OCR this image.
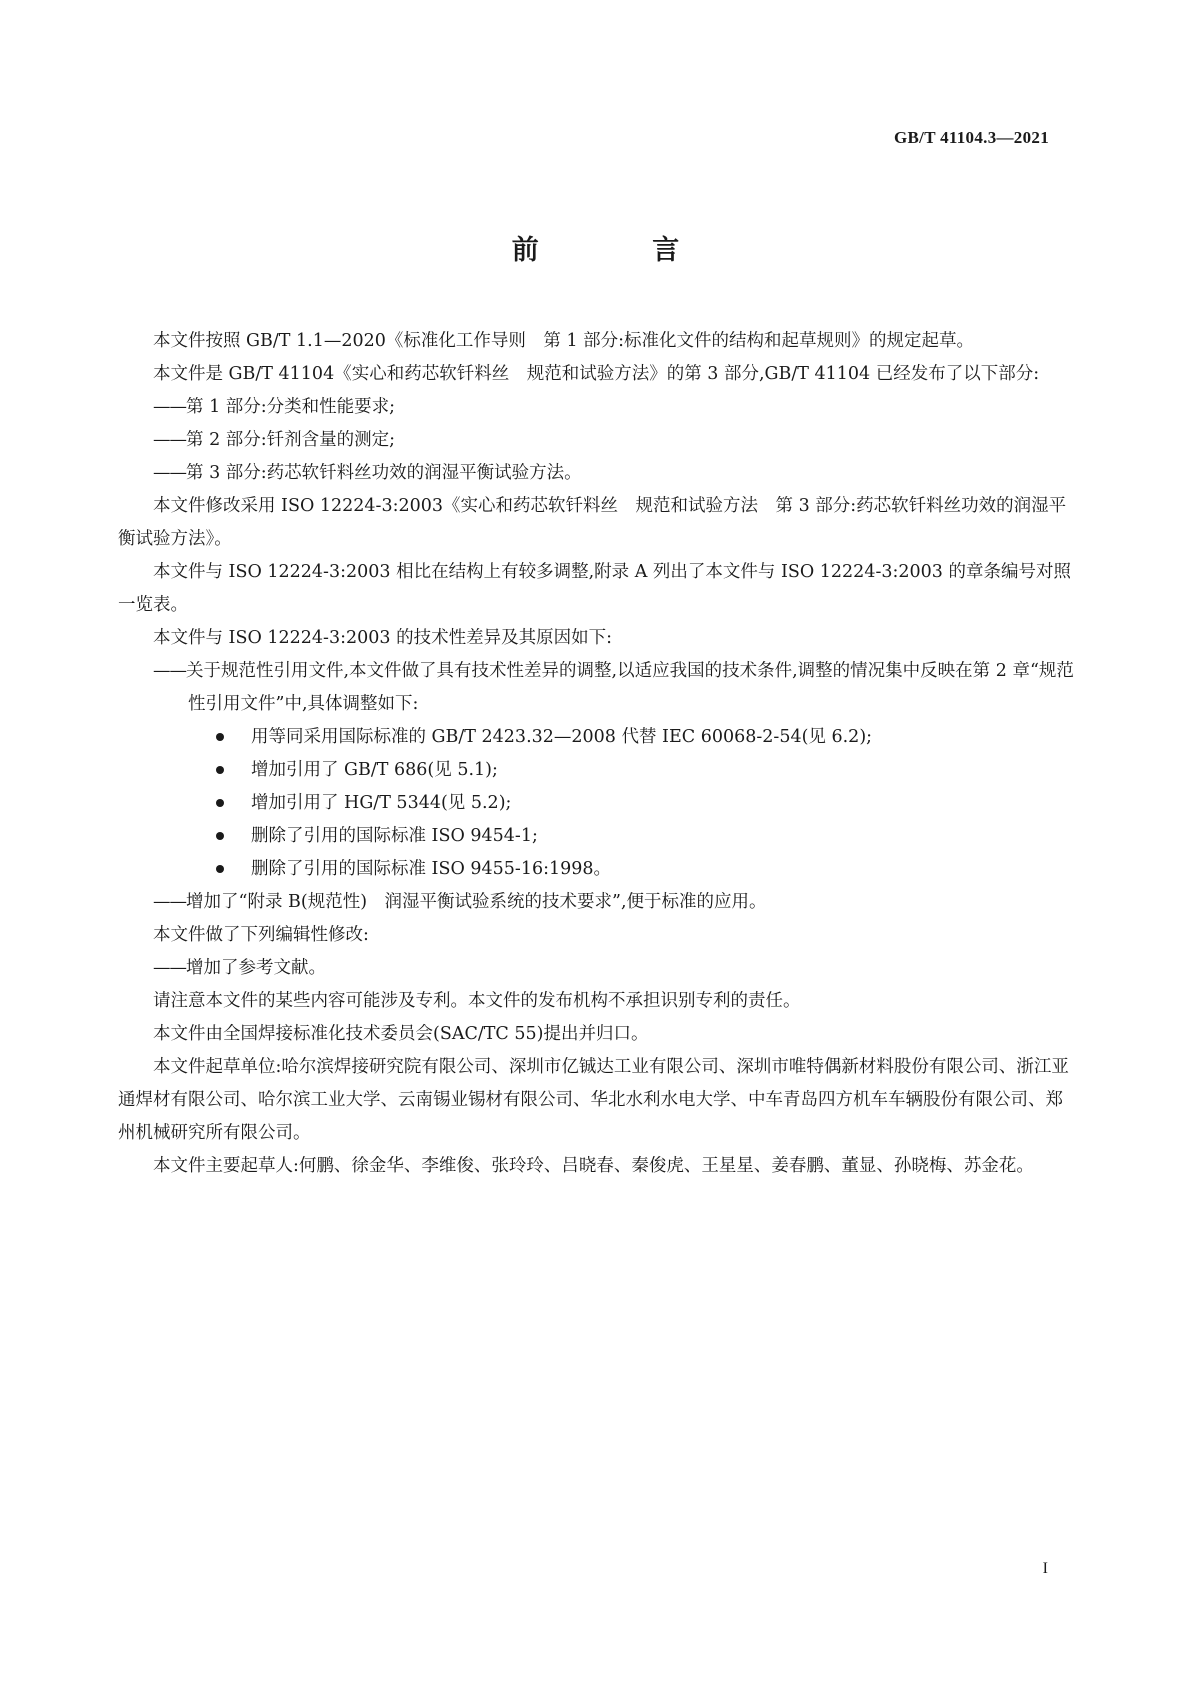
GB/T 41104.3—2021
前 言

本文件按照 GB/T 1.1—2020《标准化工作导则　第 1 部分:标准化文件的结构和起草规则》的规定起草。

本文件是 GB/T 41104《实心和药芯软钎料丝　规范和试验方法》的第 3 部分,GB/T 41104 已经发布了以下部分:

——第 1 部分:分类和性能要求;

——第 2 部分:钎剂含量的测定;

——第 3 部分:药芯软钎料丝功效的润湿平衡试验方法。

本文件修改采用 ISO 12224-3:2003《实心和药芯软钎料丝　规范和试验方法　第 3 部分:药芯软钎料丝功效的润湿平衡试验方法》。

本文件与 ISO 12224-3:2003 相比在结构上有较多调整,附录 A 列出了本文件与 ISO 12224-3:2003 的章条编号对照一览表。

本文件与 ISO 12224-3:2003 的技术性差异及其原因如下:

——关于规范性引用文件,本文件做了具有技术性差异的调整,以适应我国的技术条件,调整的情况集中反映在第 2 章“规范性引用文件”中,具体调整如下:

用等同采用国际标准的 GB/T 2423.32—2008 代替 IEC 60068-2-54(见 6.2);

增加引用了 GB/T 686(见 5.1);

增加引用了 HG/T 5344(见 5.2);

删除了引用的国际标准 ISO 9454-1;

删除了引用的国际标准 ISO 9455-16:1998。

——增加了“附录 B(规范性)　润湿平衡试验系统的技术要求”,便于标准的应用。

本文件做了下列编辑性修改:

——增加了参考文献。

请注意本文件的某些内容可能涉及专利。本文件的发布机构不承担识别专利的责任。

本文件由全国焊接标准化技术委员会(SAC/TC 55)提出并归口。

本文件起草单位:哈尔滨焊接研究院有限公司、深圳市亿铖达工业有限公司、深圳市唯特偶新材料股份有限公司、浙江亚通焊材有限公司、哈尔滨工业大学、云南锡业锡材有限公司、华北水利水电大学、中车青岛四方机车车辆股份有限公司、郑州机械研究所有限公司。

本文件主要起草人:何鹏、徐金华、李维俊、张玲玲、吕晓春、秦俊虎、王星星、姜春鹏、董显、孙晓梅、苏金花。

I
